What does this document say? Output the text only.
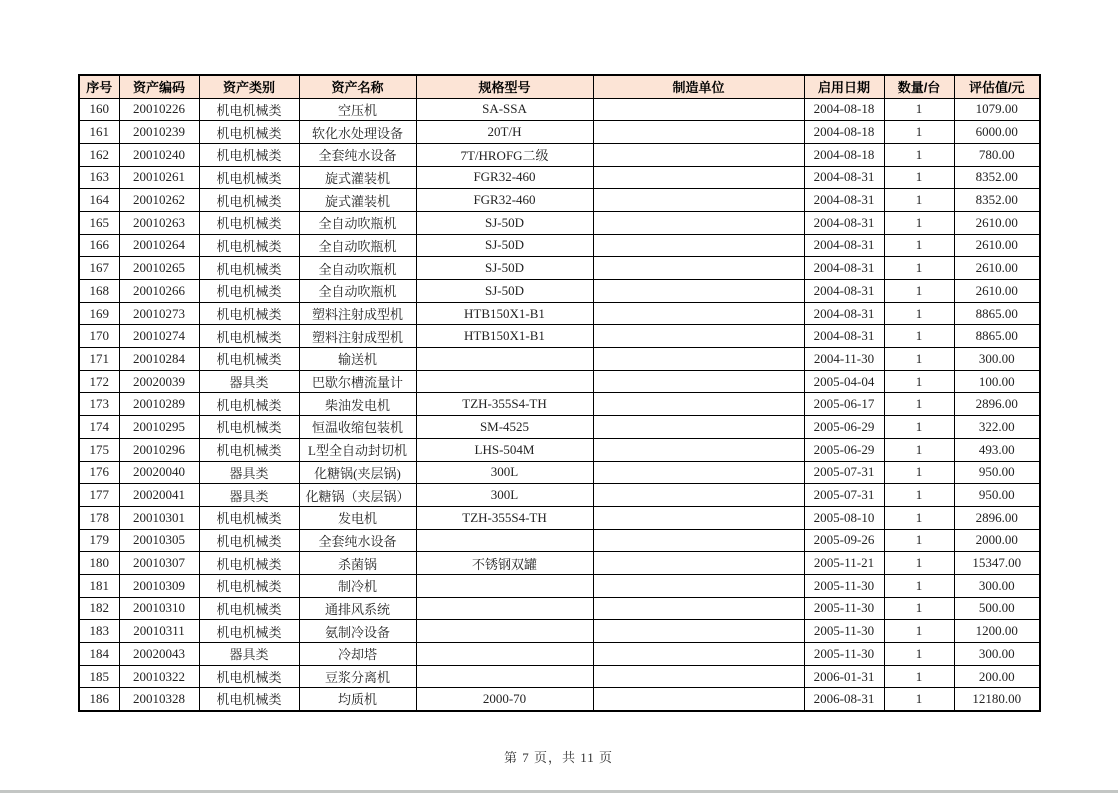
序号	资产编码	资产类别	资产名称	规格型号	制造单位	启用日期	数量/台	评估值/元
160	20010226	机电机械类	空压机	SA-SSA		2004-08-18	1	1079.00
161	20010239	机电机械类	软化水处理设备	20T/H		2004-08-18	1	6000.00
162	20010240	机电机械类	全套纯水设备	7T/HROFG二级		2004-08-18	1	780.00
163	20010261	机电机械类	旋式灌装机	FGR32-460		2004-08-31	1	8352.00
164	20010262	机电机械类	旋式灌装机	FGR32-460		2004-08-31	1	8352.00
165	20010263	机电机械类	全自动吹瓶机	SJ-50D		2004-08-31	1	2610.00
166	20010264	机电机械类	全自动吹瓶机	SJ-50D		2004-08-31	1	2610.00
167	20010265	机电机械类	全自动吹瓶机	SJ-50D		2004-08-31	1	2610.00
168	20010266	机电机械类	全自动吹瓶机	SJ-50D		2004-08-31	1	2610.00
169	20010273	机电机械类	塑料注射成型机	HTB150X1-B1		2004-08-31	1	8865.00
170	20010274	机电机械类	塑料注射成型机	HTB150X1-B1		2004-08-31	1	8865.00
171	20010284	机电机械类	输送机			2004-11-30	1	300.00
172	20020039	器具类	巴歇尔槽流量计			2005-04-04	1	100.00
173	20010289	机电机械类	柴油发电机	TZH-355S4-TH		2005-06-17	1	2896.00
174	20010295	机电机械类	恒温收缩包装机	SM-4525		2005-06-29	1	322.00
175	20010296	机电机械类	L型全自动封切机	LHS-504M		2005-06-29	1	493.00
176	20020040	器具类	化糖锅(夹层锅)	300L		2005-07-31	1	950.00
177	20020041	器具类	化糖锅（夹层锅）	300L		2005-07-31	1	950.00
178	20010301	机电机械类	发电机	TZH-355S4-TH		2005-08-10	1	2896.00
179	20010305	机电机械类	全套纯水设备			2005-09-26	1	2000.00
180	20010307	机电机械类	杀菌锅	不锈钢双罐		2005-11-21	1	15347.00
181	20010309	机电机械类	制冷机			2005-11-30	1	300.00
182	20010310	机电机械类	通排风系统			2005-11-30	1	500.00
183	20010311	机电机械类	氨制冷设备			2005-11-30	1	1200.00
184	20020043	器具类	冷却塔			2005-11-30	1	300.00
185	20010322	机电机械类	豆浆分离机			2006-01-31	1	200.00
186	20010328	机电机械类	均质机	2000-70		2006-08-31	1	12180.00
第 7 页，共 11 页
